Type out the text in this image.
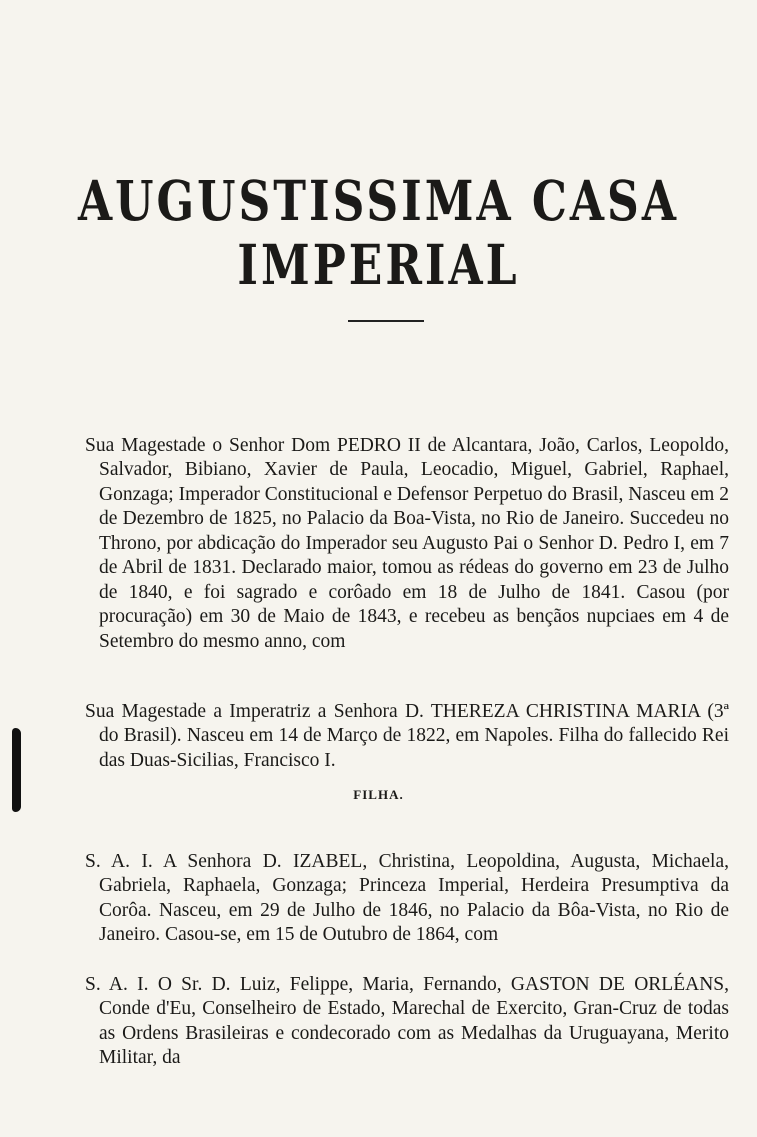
AUGUSTISSIMA CASA IMPERIAL

Sua Magestade o Senhor Dom PEDRO II de Alcantara, João, Carlos, Leopoldo, Salvador, Bibiano, Xavier de Paula, Leocadio, Miguel, Gabriel, Raphael, Gonzaga; Imperador Constitucional e Defensor Perpetuo do Brasil, Nasceu em 2 de Dezembro de 1825, no Palacio da Boa-Vista, no Rio de Janeiro. Succedeu no Throno, por abdicação do Imperador seu Augusto Pai o Senhor D. Pedro I, em 7 de Abril de 1831. Declarado maior, tomou as rédeas do governo em 23 de Julho de 1840, e foi sagrado e corôado em 18 de Julho de 1841. Casou (por procuração) em 30 de Maio de 1843, e recebeu as bençãos nupciaes em 4 de Setembro do mesmo anno, com

Sua Magestade a Imperatriz a Senhora D. THEREZA CHRISTINA MARIA (3ª do Brasil). Nasceu em 14 de Março de 1822, em Napoles. Filha do fallecido Rei das Duas-Sicilias, Francisco I.

FILHA.

S. A. I. A Senhora D. IZABEL, Christina, Leopoldina, Augusta, Michaela, Gabriela, Raphaela, Gonzaga; Princeza Imperial, Herdeira Presumptiva da Corôa. Nasceu, em 29 de Julho de 1846, no Palacio da Bôa-Vista, no Rio de Janeiro. Casou-se, em 15 de Outubro de 1864, com

S. A. I. O Sr. D. Luiz, Felippe, Maria, Fernando, GASTON DE ORLÉANS, Conde d'Eu, Conselheiro de Estado, Marechal de Exercito, Gran-Cruz de todas as Ordens Brasileiras e condecorado com as Medalhas da Uruguayana, Merito Militar, da
